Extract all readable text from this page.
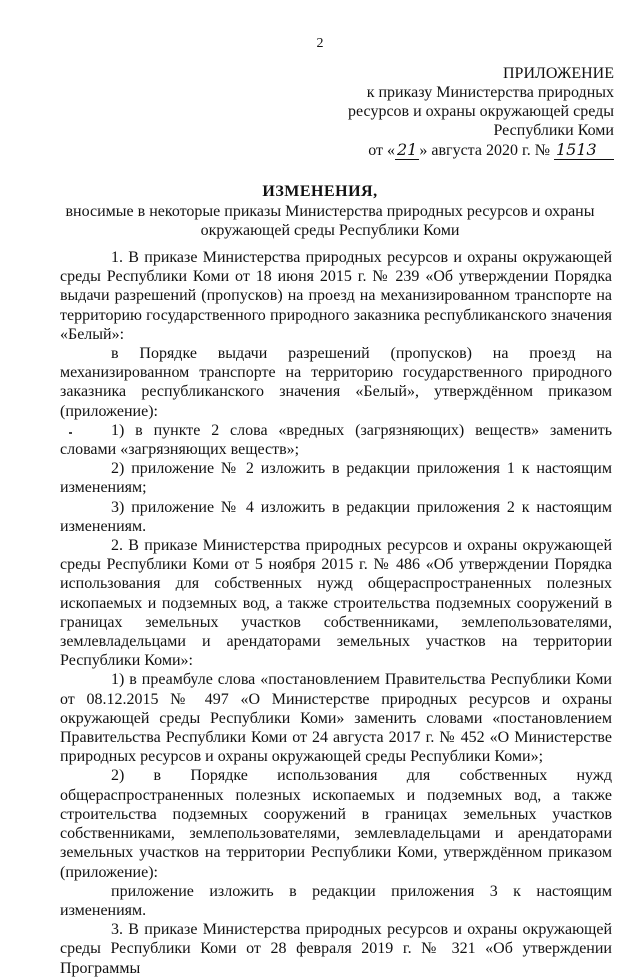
2
ПРИЛОЖЕНИЕ
к приказу Министерства природных
ресурсов и охраны окружающей среды
Республики Коми
от « 21 » августа 2020 г. № 1513
ИЗМЕНЕНИЯ,
вносимые в некоторые приказы Министерства природных ресурсов и охраны окружающей среды Республики Коми

1. В приказе Министерства природных ресурсов и охраны окружающей среды Республики Коми от 18 июня 2015 г. № 239 «Об утверждении Порядка выдачи разрешений (пропусков) на проезд на механизированном транспорте на территорию государственного природного заказника республиканского значения «Белый»:

в Порядке выдачи разрешений (пропусков) на проезд на механизированном транспорте на территорию государственного природного заказника республиканского значения «Белый», утверждённом приказом (приложение):

1) в пункте 2 слова «вредных (загрязняющих) веществ» заменить словами «загрязняющих веществ»;

2) приложение № 2 изложить в редакции приложения 1 к настоящим изменениям;

3) приложение № 4 изложить в редакции приложения 2 к настоящим изменениям.

2. В приказе Министерства природных ресурсов и охраны окружающей среды Республики Коми от 5 ноября 2015 г. № 486 «Об утверждении Порядка использования для собственных нужд общераспространенных полезных ископаемых и подземных вод, а также строительства подземных сооружений в границах земельных участков собственниками, землепользователями, землевладельцами и арендаторами земельных участков на территории Республики Коми»:

1) в преамбуле слова «постановлением Правительства Республики Коми от 08.12.2015 № 497 «О Министерстве природных ресурсов и охраны окружающей среды Республики Коми» заменить словами «постановлением Правительства Республики Коми от 24 августа 2017 г. № 452 «О Министерстве природных ресурсов и охраны окружающей среды Республики Коми»;

2) в Порядке использования для собственных нужд общераспространенных полезных ископаемых и подземных вод, а также строительства подземных сооружений в границах земельных участков собственниками, землепользователями, землевладельцами и арендаторами земельных участков на территории Республики Коми, утверждённом приказом (приложение):

приложение изложить в редакции приложения 3 к настоящим изменениям.

3. В приказе Министерства природных ресурсов и охраны окружающей среды Республики Коми от 28 февраля 2019 г. № 321 «Об утверждении Программы
